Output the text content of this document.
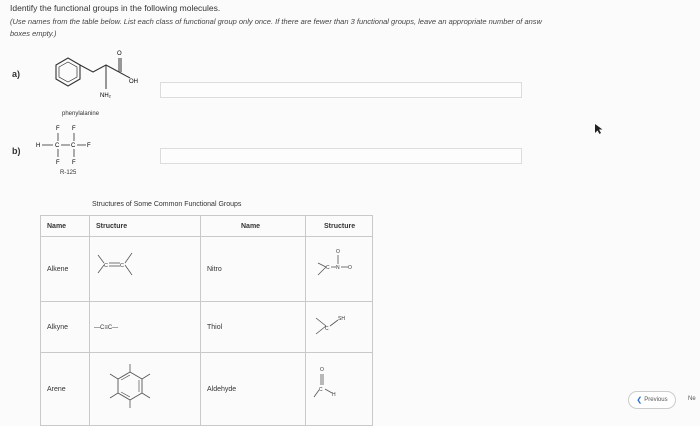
Identify the functional groups in the following molecules.
(Use names from the table below. List each class of functional group only once. If there are fewer than 3 functional groups, leave an appropriate number of answ
boxes empty.)
a)
O
OH
NH₂
phenylalanine
b)
F F
H C C F
F F
R-125
Structures of Some Common Functional Groups
Name	Structure	Name	Structure
Alkene	C C	Nitro	C N
O
O

Alkyne	—C≡C—	Thiol	C
SH

Arene		Aldehyde	O
C
H
❮ Previous	Ne
